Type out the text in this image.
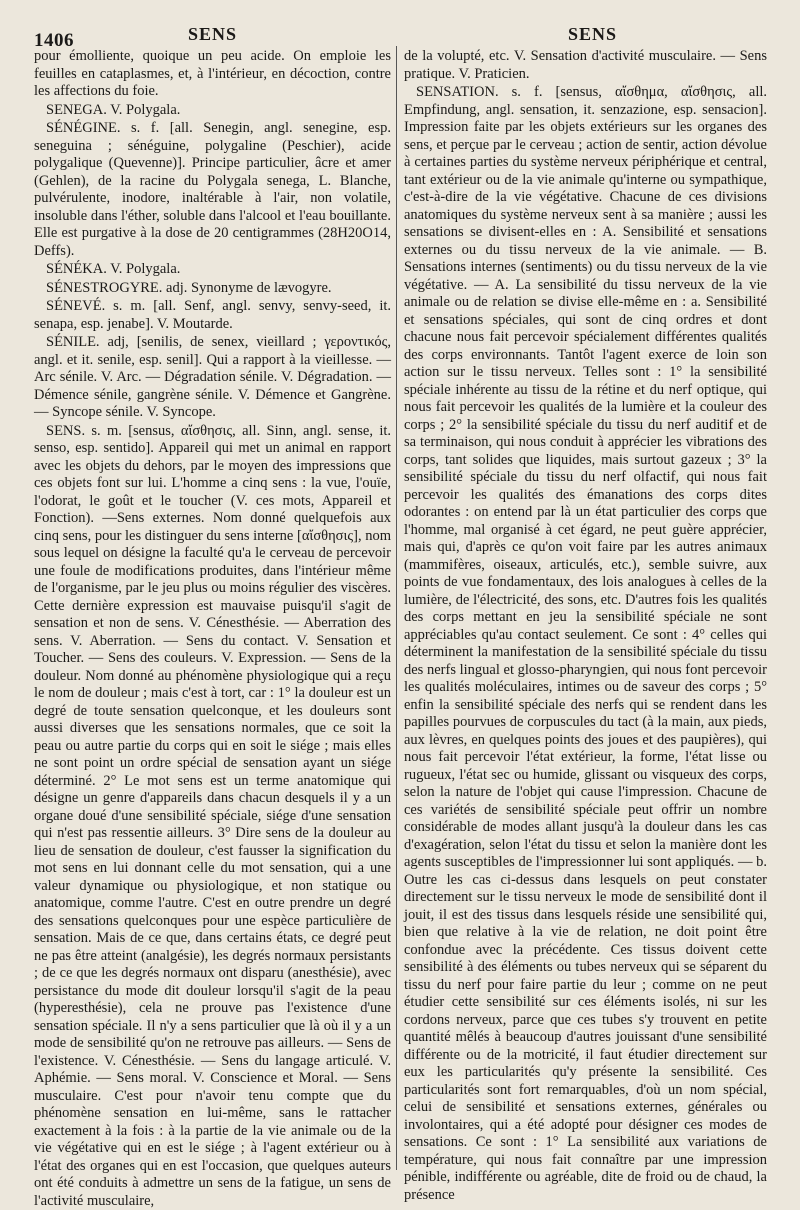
1406	SENS	SENS

pour émolliente, quoique un peu acide. On emploie les feuilles en cataplasmes, et, à l'intérieur, en décoction, contre les affections du foie.

SENEGA. V. Polygala.

SÉNÉGINE. s. f. [all. Senegin, angl. senegine, esp. seneguina ; sénéguine, polygaline (Peschier), acide polygalique (Quevenne)]. Principe particulier, âcre et amer (Gehlen), de la racine du Polygala senega, L. Blanche, pulvérulente, inodore, inaltérable à l'air, non volatile, insoluble dans l'éther, soluble dans l'alcool et l'eau bouillante. Elle est purgative à la dose de 20 centigrammes (28H20O14, Deffs).

SÉNÉKA. V. Polygala.

SÉNESTROGYRE. adj. Synonyme de lævogyre.

SÉNEVÉ. s. m. [all. Senf, angl. senvy, senvy-seed, it. senapa, esp. jenabe]. V. Moutarde.

SÉNILE. adj, [senilis, de senex, vieillard ; γεροντικός, angl. et it. senile, esp. senil]. Qui a rapport à la vieillesse. — Arc sénile. V. Arc. — Dégradation sénile. V. Dégradation. — Démence sénile, gangrène sénile. V. Démence et Gangrène. — Syncope sénile. V. Syncope.

SENS. s. m. [sensus, αἴσθησις, all. Sinn, angl. sense, it. senso, esp. sentido]. Appareil qui met un animal en rapport avec les objets du dehors, par le moyen des impressions que ces objets font sur lui. L'homme a cinq sens : la vue, l'ouïe, l'odorat, le goût et le toucher (V. ces mots, Appareil et Fonction). —Sens externes. Nom donné quelquefois aux cinq sens, pour les distinguer du sens interne [αἴσθησις], nom sous lequel on désigne la faculté qu'a le cerveau de percevoir une foule de modifications produites, dans l'intérieur même de l'organisme, par le jeu plus ou moins régulier des viscères. Cette dernière expression est mauvaise puisqu'il s'agit de sensation et non de sens. V. Cénesthésie. — Aberration des sens. V. Aberration. — Sens du contact. V. Sensation et Toucher. — Sens des couleurs. V. Expression. — Sens de la douleur. Nom donné au phénomène physiologique qui a reçu le nom de douleur ; mais c'est à tort, car : 1° la douleur est un degré de toute sensation quelconque, et les douleurs sont aussi diverses que les sensations normales, que ce soit la peau ou autre partie du corps qui en soit le siége ; mais elles ne sont point un ordre spécial de sensation ayant un siége déterminé. 2° Le mot sens est un terme anatomique qui désigne un genre d'appareils dans chacun desquels il y a un organe doué d'une sensibilité spéciale, siége d'une sensation qui n'est pas ressentie ailleurs. 3° Dire sens de la douleur au lieu de sensation de douleur, c'est fausser la signification du mot sens en lui donnant celle du mot sensation, qui a une valeur dynamique ou physiologique, et non statique ou anatomique, comme l'autre. C'est en outre prendre un degré des sensations quelconques pour une espèce particulière de sensation. Mais de ce que, dans certains états, ce degré peut ne pas être atteint (analgésie), les degrés normaux persistants ; de ce que les degrés normaux ont disparu (anesthésie), avec persistance du mode dit douleur lorsqu'il s'agit de la peau (hyperesthésie), cela ne prouve pas l'existence d'une sensation spéciale. Il n'y a sens particulier que là où il y a un mode de sensibilité qu'on ne retrouve pas ailleurs. — Sens de l'existence. V. Cénesthésie. — Sens du langage articulé. V. Aphémie. — Sens moral. V. Conscience et Moral. — Sens musculaire. C'est pour n'avoir tenu compte que du phénomène sensation en lui-même, sans le rattacher exactement à la fois : à la partie de la vie animale ou de la vie végétative qui en est le siége ; à l'agent extérieur ou à l'état des organes qui en est l'occasion, que quelques auteurs ont été conduits à admettre un sens de la fatigue, un sens de l'activité musculaire,

de la volupté, etc. V. Sensation d'activité musculaire. — Sens pratique. V. Praticien.

SENSATION. s. f. [sensus, αἴσθημα, αἴσθησις, all. Empfindung, angl. sensation, it. senzazione, esp. sensacion]. Impression faite par les objets extérieurs sur les organes des sens, et perçue par le cerveau ; action de sentir, action dévolue à certaines parties du système nerveux périphérique et central, tant extérieur ou de la vie animale qu'interne ou sympathique, c'est-à-dire de la vie végétative. Chacune de ces divisions anatomiques du système nerveux sent à sa manière ; aussi les sensations se divisent-elles en : A. Sensibilité et sensations externes ou du tissu nerveux de la vie animale. — B. Sensations internes (sentiments) ou du tissu nerveux de la vie végétative. — A. La sensibilité du tissu nerveux de la vie animale ou de relation se divise elle-même en : a. Sensibilité et sensations spéciales, qui sont de cinq ordres et dont chacune nous fait percevoir spécialement différentes qualités des corps environnants. Tantôt l'agent exerce de loin son action sur le tissu nerveux. Telles sont : 1° la sensibilité spéciale inhérente au tissu de la rétine et du nerf optique, qui nous fait percevoir les qualités de la lumière et la couleur des corps ; 2° la sensibilité spéciale du tissu du nerf auditif et de sa terminaison, qui nous conduit à apprécier les vibrations des corps, tant solides que liquides, mais surtout gazeux ; 3° la sensibilité spéciale du tissu du nerf olfactif, qui nous fait percevoir les qualités des émanations des corps dites odorantes : on entend par là un état particulier des corps que l'homme, mal organisé à cet égard, ne peut guère apprécier, mais qui, d'après ce qu'on voit faire par les autres animaux (mammifères, oiseaux, articulés, etc.), semble suivre, aux points de vue fondamentaux, des lois analogues à celles de la lumière, de l'électricité, des sons, etc. D'autres fois les qualités des corps mettant en jeu la sensibilité spéciale ne sont appréciables qu'au contact seulement. Ce sont : 4° celles qui déterminent la manifestation de la sensibilité spéciale du tissu des nerfs lingual et glosso-pharyngien, qui nous font percevoir les qualités moléculaires, intimes ou de saveur des corps ; 5° enfin la sensibilité spéciale des nerfs qui se rendent dans les papilles pourvues de corpuscules du tact (à la main, aux pieds, aux lèvres, en quelques points des joues et des paupières), qui nous fait percevoir l'état extérieur, la forme, l'état lisse ou rugueux, l'état sec ou humide, glissant ou visqueux des corps, selon la nature de l'objet qui cause l'impression. Chacune de ces variétés de sensibilité spéciale peut offrir un nombre considérable de modes allant jusqu'à la douleur dans les cas d'exagération, selon l'état du tissu et selon la manière dont les agents susceptibles de l'impressionner lui sont appliqués. — b. Outre les cas ci-dessus dans lesquels on peut constater directement sur le tissu nerveux le mode de sensibilité dont il jouit, il est des tissus dans lesquels réside une sensibilité qui, bien que relative à la vie de relation, ne doit point être confondue avec la précédente. Ces tissus doivent cette sensibilité à des éléments ou tubes nerveux qui se séparent du tissu du nerf pour faire partie du leur ; comme on ne peut étudier cette sensibilité sur ces éléments isolés, ni sur les cordons nerveux, parce que ces tubes s'y trouvent en petite quantité mêlés à beaucoup d'autres jouissant d'une sensibilité différente ou de la motricité, il faut étudier directement sur eux les particularités qu'y présente la sensibilité. Ces particularités sont fort remarquables, d'où un nom spécial, celui de sensibilité et sensations externes, générales ou involontaires, qui a été adopté pour désigner ces modes de sensations. Ce sont : 1° La sensibilité aux variations de température, qui nous fait connaître par une impression pénible, indifférente ou agréable, dite de froid ou de chaud, la présence
